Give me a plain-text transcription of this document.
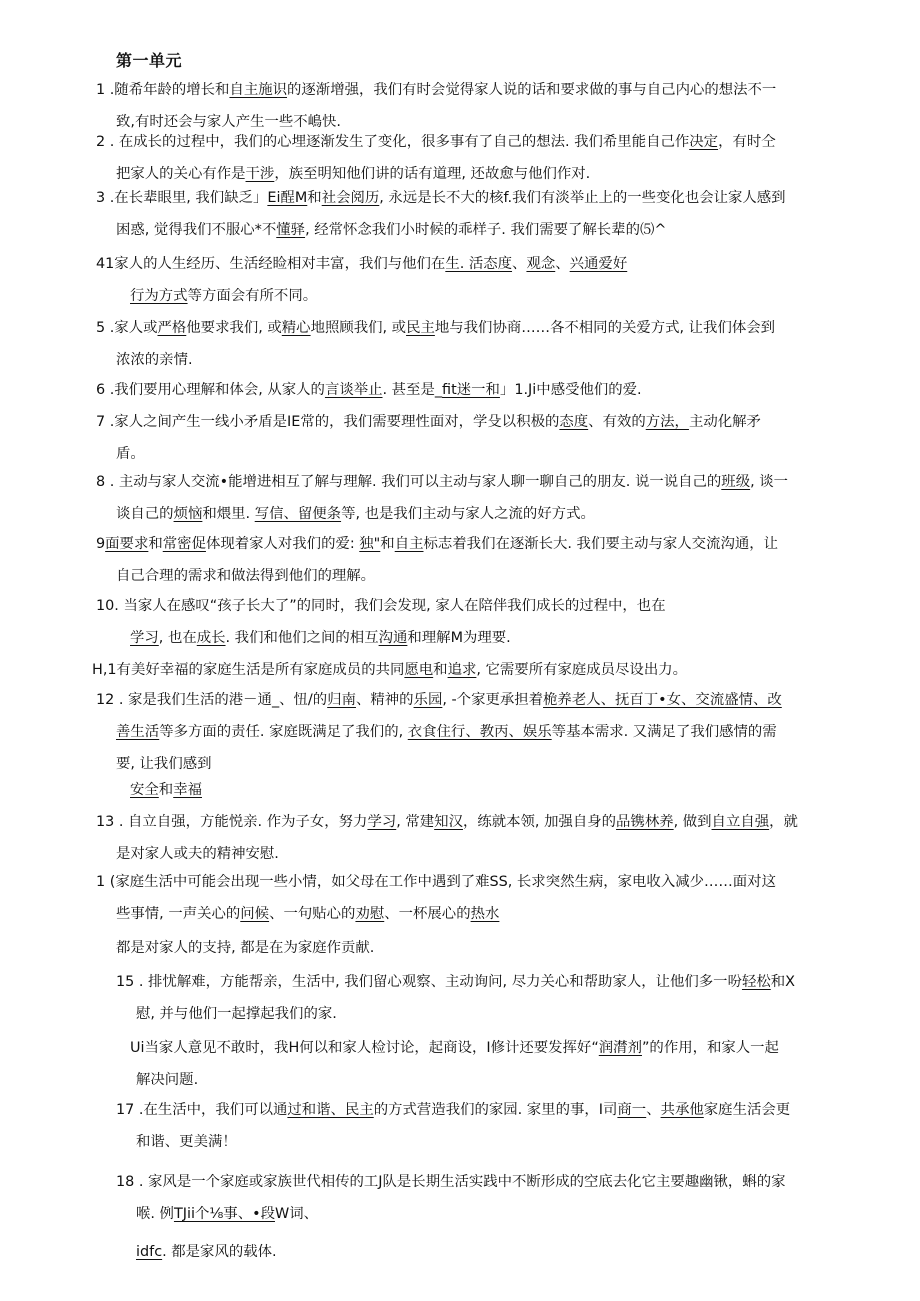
第一单元
1 .随希年龄的增长和自主施识的逐渐增强，我们有时会觉得家人说的话和要求做的事与自己内心的想法不一
致,有时还会与家人产生一些不嶋快.
2 . 在成长的过程中，我们的心埋逐渐发生了变化，很多事有了自己的想法. 我们希里能自己作决定，有时仝
把家人的关心有作是干涉，族至明知他们讲的话有道理, 还故愈与他们作对.
3 .在长辈眼里, 我们缺乏」Ei酲M和社会阅历, 永远是长不大的核f.我们有淡举止上的一些变化也会让家人感到
困惑, 觉得我们不服心*不懂驿, 经常怀念我们小时候的乖样子. 我们需要了解长辈的⑸^
41家人的人生经历、生活经睑相对丰富，我们与他们在生. 活态度、观念、兴通爱好
行为方式等方面会有所不同。
5 .家人或严格他要求我们, 或精心地照顾我们, 或民主地与我们协商……各不相同的关爱方式, 让我们体会到
浓浓的亲情.
6 .我们要用心理解和体会, 从家人的言谈举止. 甚至是_fit迷一和」1.Ji中感受他们的爱.
7 .家人之间产生一线小矛盾是IE常的，我们需要理性面对，学殳以积极的态度、有效的方法，主动化解矛
盾。
8 . 主动与家人交流•能增进相互了解与理解. 我们可以主动与家人聊一聊自己的朋友. 说一说自己的班级, 谈一
谈自己的烦恼和煨里. 写信、留便条等, 也是我们主动与家人之流的好方式。
9面要求和常密促体现着家人对我们的爱: 独"和自主标志着我们在逐渐长大. 我们要主动与家人交流沟通，让
自己合理的需求和做法得到他们的理解。
10. 当家人在感叹“孩子长大了”的同时，我们会发现, 家人在陪伴我们成长的过程中，也在
学习, 也在成长. 我们和他们之间的相互沟通和理解M为理要.
H,1有美好幸福的家庭生活是所有家庭成员的共同愿电和追求, 它需要所有家庭成员尽设出力。
12 . 家是我们生活的港－通_、忸/的归南、精神的乐园, -个家更承担着桅养老人、抚百丁•女、交流盛情、改
善生活等多方面的责任. 家庭既满足了我们的, 衣食住行、教丙、娱乐等基本需求. 又满足了我们感情的需
要, 让我们感到
安全和幸福
13 . 自立自强，方能悦亲. 作为子女，努力学习, 常建知汉，练就本领, 加强自身的品镌林养, 做到自立自强，就
是对家人或夫的精神安慰.
1 (家庭生活中可能会出现一些小情，如父母在工作中遇到了难SS, 长求突然生病，家电收入减少……面对这
些事情, 一声关心的问候、一句贴心的劝慰、一杯展心的热水
都是对家人的支持, 都是在为家庭作贡献.
15 . 排忧解难，方能帮亲，生活中, 我们留心观察、主动询问, 尽力关心和帮助家人，让他们多一吩轻松和X
慰, 并与他们一起撑起我们的家.
Ui当家人意见不敢时，我H何以和家人检讨论，起商设，I修计还要发挥好“润潸剂”的作用，和家人一起
解决问题.
17 .在生活中，我们可以通过和谐、民主的方式营造我们的家园. 家里的事，I司商一、共承他家庭生活会更
和谐、更美满！
18 . 家风是一个家庭或家族世代相传的工J队是长期生活实践中不断形成的空底去化它主要趣幽锹，蝌的家
喉. 例TJii个⅛事、•段W词、
idfc. 都是家风的载体.
